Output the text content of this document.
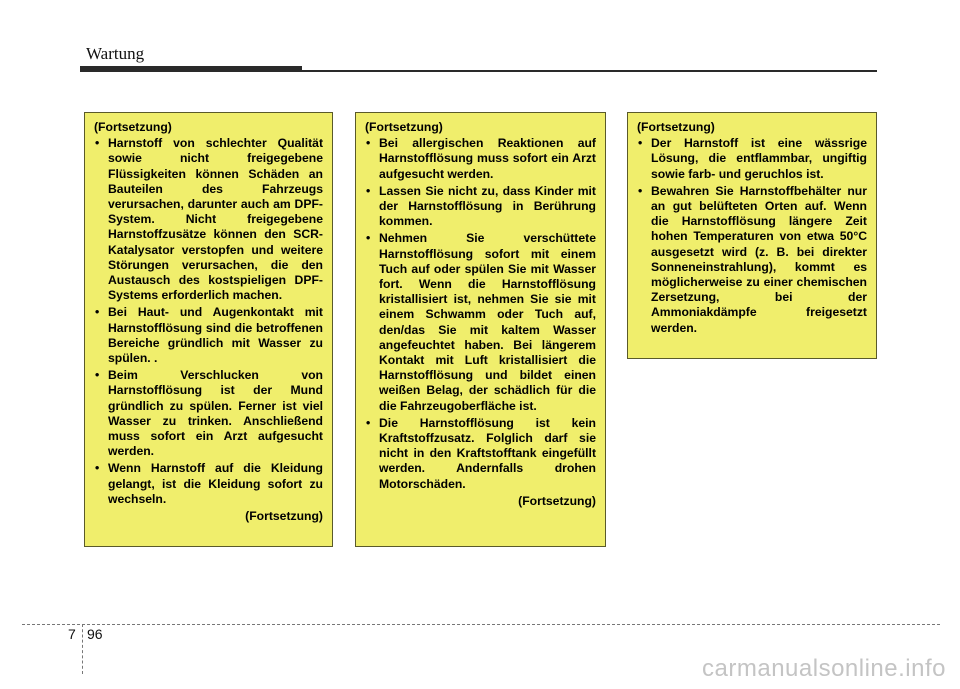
Wartung
(Fortsetzung)
• Harnstoff von schlechter Qualität sowie nicht freigegebene Flüssigkeiten können Schäden an Bauteilen des Fahrzeugs verursachen, darunter auch am DPF-System. Nicht freigegebene Harnstoffzusätze können den SCR-Katalysator verstopfen und weitere Störungen verursachen, die den Austausch des kostspieligen DPF-Systems erforderlich machen.
• Bei Haut- und Augenkontakt mit Harnstofflösung sind die betroffenen Bereiche gründlich mit Wasser zu spülen. .
• Beim Verschlucken von Harnstofflösung ist der Mund gründlich zu spülen. Ferner ist viel Wasser zu trinken. Anschließend muss sofort ein Arzt aufgesucht werden.
• Wenn Harnstoff auf die Kleidung gelangt, ist die Kleidung sofort zu wechseln.
(Fortsetzung)
(Fortsetzung)
• Bei allergischen Reaktionen auf Harnstofflösung muss sofort ein Arzt aufgesucht werden.
• Lassen Sie nicht zu, dass Kinder mit der Harnstofflösung in Berührung kommen.
• Nehmen Sie verschüttete Harnstofflösung sofort mit einem Tuch auf oder spülen Sie mit Wasser fort. Wenn die Harnstofflösung kristallisiert ist, nehmen Sie sie mit einem Schwamm oder Tuch auf, den/das Sie mit kaltem Wasser angefeuchtet haben. Bei längerem Kontakt mit Luft kristallisiert die Harnstofflösung und bildet einen weißen Belag, der schädlich für die die Fahrzeugoberfläche ist.
• Die Harnstofflösung ist kein Kraftstoffzusatz. Folglich darf sie nicht in den Kraftstofftank eingefüllt werden. Andernfalls drohen Motorschäden.
(Fortsetzung)
(Fortsetzung)
• Der Harnstoff ist eine wässrige Lösung, die entflammbar, ungiftig sowie farb- und geruchlos ist.
• Bewahren Sie Harnstoffbehälter nur an gut belüfteten Orten auf. Wenn die Harnstofflösung längere Zeit hohen Temperaturen von etwa 50°C ausgesetzt wird (z. B. bei direkter Sonneneinstrahlung), kommt es möglicherweise zu einer chemischen Zersetzung, bei der Ammoniakdämpfe freigesetzt werden.
7 96
carmanualsonline.info
